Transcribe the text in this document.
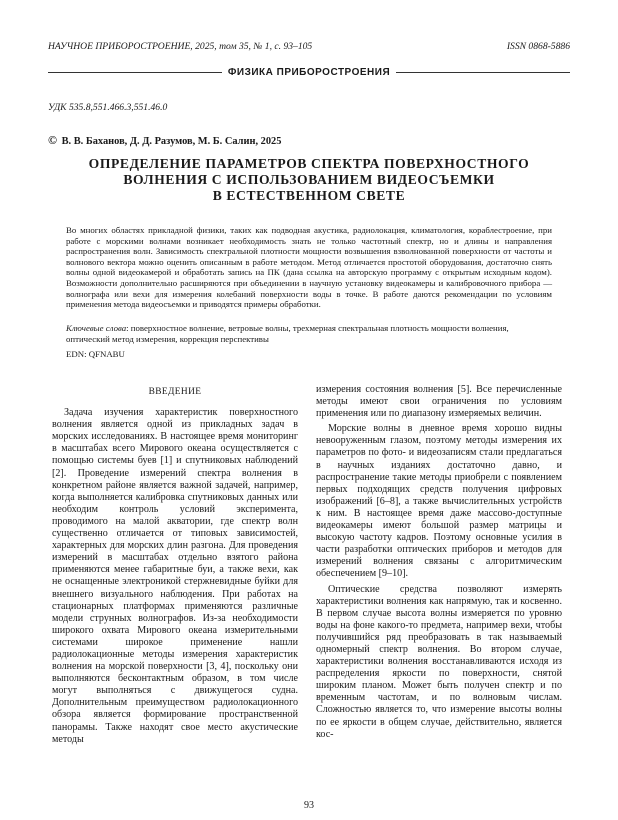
НАУЧНОЕ ПРИБОРОСТРОЕНИЕ, 2025, том 35, № 1, с. 93–105	ISSN 0868-5886
ФИЗИКА ПРИБОРОСТРОЕНИЯ
УДК 535.8,551.466.3,551.46.0
© В. В. Баханов, Д. Д. Разумов, М. Б. Салин, 2025
ОПРЕДЕЛЕНИЕ ПАРАМЕТРОВ СПЕКТРА ПОВЕРХНОСТНОГО
ВОЛНЕНИЯ С ИСПОЛЬЗОВАНИЕМ ВИДЕОСЪЕМКИ
В ЕСТЕСТВЕННОМ СВЕТЕ
Во многих областях прикладной физики, таких как подводная акустика, радиолокация, климатология, кораблестроение, при работе с морскими волнами возникает необходимость знать не только частотный спектр, но и длины и направления распространения волн. Зависимость спектральной плотности мощности возвышения взволнованной поверхности от частоты и волнового вектора можно оценить описанным в работе методом. Метод отличается простотой оборудования, достаточно снять волны одной видеокамерой и обработать запись на ПК (дана ссылка на авторскую программу с открытым исходным кодом). Возможности дополнительно расширяются при объединении в научную установку видеокамеры и калибровочного прибора — волнографа или вехи для измерения колебаний поверхности воды в точке. В работе даются рекомендации по условиям применения метода видеосъемки и приводятся примеры обработки.
Ключевые слова: поверхностное волнение, ветровые волны, трехмерная спектральная плотность мощности волнения, оптический метод измерения, коррекция перспективы
EDN: QFNABU
ВВЕДЕНИЕ

Задача изучения характеристик поверхностного волнения является одной из прикладных задач в морских исследованиях. В настоящее время мониторинг в масштабах всего Мирового океана осуществляется с помощью системы буев [1] и спутниковых наблюдений [2]. Проведение измерений спектра волнения в конкретном районе является важной задачей, например, когда выполняется калибровка спутниковых данных или необходим контроль условий эксперимента, проводимого на малой акватории, где спектр волн существенно отличается от типовых зависимостей, характерных для морских длин разгона. Для проведения измерений в масштабах отдельно взятого района применяются менее габаритные буи, а также вехи, как не оснащенные электроникой стержневидные буйки для внешнего визуального наблюдения. При работах на стационарных платформах применяются различные модели струнных волнографов. Из-за необходимости широкого охвата Мирового океана измерительными системами широкое применение нашли радиолокационные методы измерения характеристик волнения на морской поверхности [3, 4], поскольку они выполняются бесконтактным образом, в том числе могут выполняться с движущегося судна. Дополнительным преимуществом радиолокационного обзора является формирование пространственной панорамы. Также находят свое место акустические методы

измерения состояния волнения [5]. Все перечисленные методы имеют свои ограничения по условиям применения или по диапазону измеряемых величин.

Морские волны в дневное время хорошо видны невооруженным глазом, поэтому методы измерения их параметров по фото- и видеозаписям стали предлагаться в научных изданиях достаточно давно, и распространение такие методы приобрели с появлением первых подходящих средств получения цифровых изображений [6–8], а также вычислительных устройств к ним. В настоящее время даже массово-доступные видеокамеры имеют большой размер матрицы и высокую частоту кадров. Поэтому основные усилия в части разработки оптических приборов и методов для измерений волнения связаны с алгоритмическим обеспечением [9–10].

Оптические средства позволяют измерять характеристики волнения как напрямую, так и косвенно. В первом случае высота волны измеряется по уровню воды на фоне какого-то предмета, например вехи, чтобы получившийся ряд преобразовать в так называемый одномерный спектр волнения. Во втором случае, характеристики волнения восстанавливаются исходя из распределения яркости по поверхности, снятой широким планом. Может быть получен спектр и по временным частотам, и по волновым числам. Сложностью является то, что измерение высоты волны по ее яркости в общем случае, действительно, является кос-

93
